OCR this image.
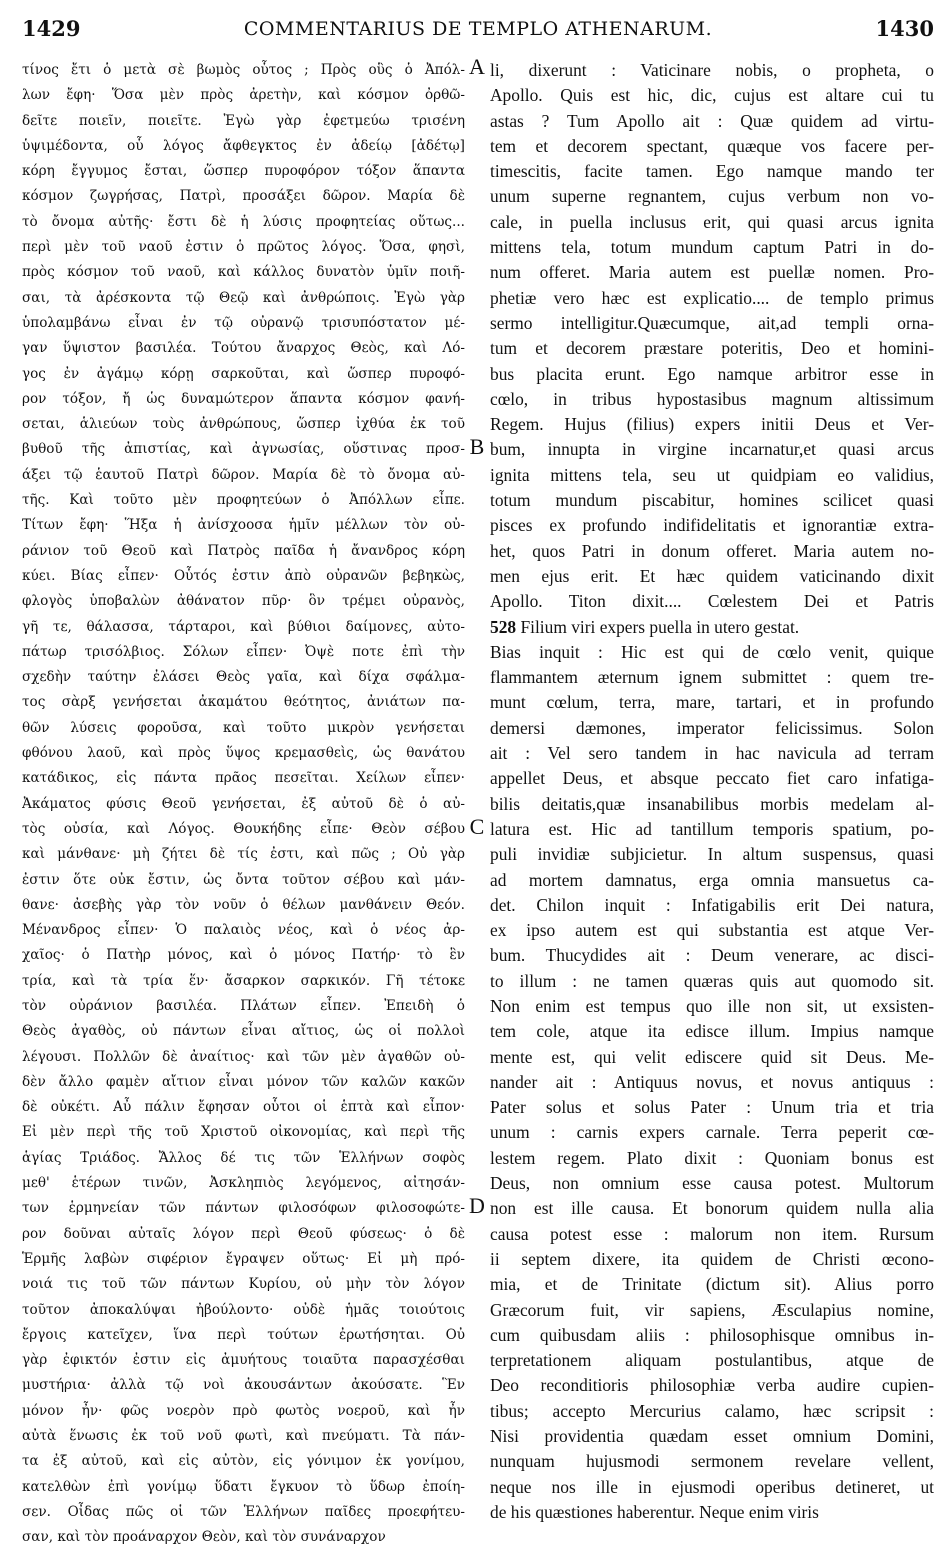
1429	COMMENTARIUS DE TEMPLO ATHENARUM.	1430
τίνος ἔτι ὁ μετὰ σὲ βωμὸς οὗτος ; Πρὸς οὓς ὁ Ἀπόλ-
λων ἔφη· Ὅσα μὲν πρὸς ἀρετὴν, καὶ κόσμον ὀρθῶ-
δεῖτε ποιεῖν, ποιεῖτε. Ἐγὼ γὰρ ἐφετμεύω τρισένη
ὑψιμέδοντα, οὗ λόγος ἄφθεγκτος ἐν ἀδείῳ [ἀδέτῳ]
κόρη ἔγγυμος ἔσται, ὥσπερ πυροφόρον τόξον ἅπαντα
κόσμον ζωγρήσας, Πατρὶ, προσάξει δῶρον. Μαρία δὲ
τὸ ὄνομα αὐτῆς· ἔστι δὲ ἡ λύσις προφητείας οὕτως...
περὶ μὲν τοῦ ναοῦ ἐστιν ὁ πρῶτος λόγος. Ὅσα, φησὶ,
πρὸς κόσμον τοῦ ναοῦ, καὶ κάλλος δυνατὸν ὑμῖν ποιῆ-
σαι, τὰ ἀρέσκοντα τῷ Θεῷ καὶ ἀνθρώποις. Ἐγὼ γὰρ
ὑπολαμβάνω εἶναι ἐν τῷ οὐρανῷ τρισυπόστατον μέ-
γαν ὕψιστον βασιλέα. Τούτου ἄναρχος Θεὸς, καὶ Λό-
γος ἐν ἀγάμῳ κόρῃ σαρκοῦται, καὶ ὥσπερ πυροφό-
ρον τόξον, ἤ ὡς δυναμώτερον ἅπαντα κόσμον φανή-
σεται, ἁλιεύων τοὺς ἀνθρώπους, ὥσπερ ἰχθύα ἐκ τοῦ
βυθοῦ τῆς ἀπιστίας, καὶ ἀγνωσίας, οὕστινας προσ-
άξει τῷ ἑαυτοῦ Πατρὶ δῶρον. Μαρία δὲ τὸ ὄνομα αὐ-
τῆς. Καὶ τοῦτο μὲν προφητεύων ὁ Ἀπόλλων εἶπε.
Τίτων ἔφη· Ἥξα ἡ ἀνίσχοοσα ἡμῖν μέλλων τὸν οὐ-
ράνιον τοῦ Θεοῦ καὶ Πατρὸς παῖδα ἡ ἄνανδρος κόρη
κύει. Βίας εἶπεν· Οὗτός ἐστιν ἀπὸ οὐρανῶν βεβηκὼς,
φλογὸς ὑποβαλὼν ἀθάνατον πῦρ· ὃν τρέμει οὐρανὸς,
γῆ τε, θάλασσα, τάρταροι, καὶ βύθιοι δαίμονες, αὐτο-
πάτωρ τρισόλβιος. Σόλων εἶπεν· Ὀψὲ ποτε ἐπὶ τὴν
σχεδὴν ταύτην ἐλάσει Θεὸς γαῖα, καὶ δίχα σφάλμα-
τος σὰρξ γενήσεται ἀκαμάτου θεότητος, ἀνιάτων πα-
θῶν λύσεις φοροῦσα, καὶ τοῦτο μικρὸν γενήσεται
φθόνου λαοῦ, καὶ πρὸς ὕψος κρεμασθεὶς, ὡς θανάτου
κατάδικος, εἰς πάντα πρᾶος πεσεῖται. Χείλων εἶπεν·
Ἀκάματος φύσις Θεοῦ γενήσεται, ἐξ αὐτοῦ δὲ ὁ αὐ-
τὸς οὐσία, καὶ Λόγος. Θουκήδης εἶπε· Θεὸν σέβου
καὶ μάνθανε· μὴ ζήτει δὲ τίς ἐστι, καὶ πῶς ; Οὐ γὰρ
ἐστιν ὅτε οὐκ ἔστιν, ὡς ὄντα τοῦτον σέβου καὶ μάν-
θανε· ἀσεβὴς γὰρ τὸν νοῦν ὁ θέλων μανθάνειν Θεόν.
Μένανδρος εἶπεν· Ὁ παλαιὸς νέος, καὶ ὁ νέος ἀρ-
χαῖος· ὁ Πατὴρ μόνος, καὶ ὁ μόνος Πατήρ· τὸ ἓν
τρία, καὶ τὰ τρία ἕν· ἄσαρκον σαρκικόν. Γῆ τέτοκε
τὸν οὐράνιον βασιλέα. Πλάτων εἶπεν. Ἐπειδὴ ὁ
Θεὸς ἀγαθὸς, οὐ πάντων εἶναι αἴτιος, ὡς οἱ πολλοὶ
λέγουσι. Πολλῶν δὲ ἀναίτιος· καὶ τῶν μὲν ἀγαθῶν οὐ-
δὲν ἄλλο φαμὲν αἴτιον εἶναι μόνον τῶν καλῶν κακῶν
δὲ οὐκέτι. Αὖ πάλιν ἔφησαν οὗτοι οἱ ἑπτὰ καὶ εἶπον·
Εἰ μὲν περὶ τῆς τοῦ Χριστοῦ οἰκονομίας, καὶ περὶ τῆς
ἁγίας Τριάδος. Ἄλλος δέ τις τῶν Ἑλλήνων σοφὸς
μεθ' ἑτέρων τινῶν, Ἀσκληπιὸς λεγόμενος, αἰτησάν-
των ἑρμηνείαν τῶν πάντων φιλοσόφων φιλοσοφώτε-
ρον δοῦναι αὐταῖς λόγον περὶ Θεοῦ φύσεως· ὁ δὲ
Ἑρμῆς λαβὼν σιφέριον ἔγραψεν οὕτως· Εἰ μὴ πρό-
νοιά τις τοῦ τῶν πάντων Κυρίου, οὐ μὴν τὸν λόγον
τοῦτον ἀποκαλύψαι ἠβούλοντο· οὐδὲ ἡμᾶς τοιούτοις
ἔργοις κατεῖχεν, ἵνα περὶ τούτων ἐρωτήσηται. Οὐ
γὰρ ἐφικτόν ἐστιν εἰς ἀμυήτους τοιαῦτα παρασχέσθαι
μυστήρια· ἀλλὰ τῷ νοὶ ἀκουσάντων ἀκούσατε. Ἓν
μόνον ἦν· φῶς νοερὸν πρὸ φωτὸς νοεροῦ, καὶ ἦν
αὐτὰ ἕνωσις ἐκ τοῦ νοῦ φωτὶ, καὶ πνεύματι. Τὰ πάν-
τα ἐξ αὐτοῦ, καὶ εἰς αὐτὸν, εἰς γόνιμον ἐκ γονίμου,
κατελθὼν ἐπὶ γονίμῳ ὕδατι ἔγκυον τὸ ὕδωρ ἐποίη-
σεν. Οἶδας πῶς οἱ τῶν Ἑλλήνων παῖδες προεφήτευ-
σαν, καὶ τὸν προάναρχον Θεὸν, καὶ τὸν συνάναρχον
A
B
C
D
li, dixerunt : Vaticinare nobis, o propheta, o
Apollo. Quis est hic, dic, cujus est altare cui tu
astas ? Tum Apollo ait : Quæ quidem ad virtu-
tem et decorem spectant, quæque vos facere per-
timescitis, facite tamen. Ego namque mando ter
unum superne regnantem, cujus verbum non vo-
cale, in puella inclusus erit, qui quasi arcus ignita
mittens tela, totum mundum captum Patri in do-
num offeret. Maria autem est puellæ nomen. Pro-
phetiæ vero hæc est explicatio.... de templo primus
sermo intelligitur.Quæcumque, ait,ad templi orna-
tum et decorem præstare poteritis, Deo et homini-
bus placita erunt. Ego namque arbitror esse in
cœlo, in tribus hypostasibus magnum altissimum
Regem. Hujus (filius) expers initii Deus et Ver-
bum, innupta in virgine incarnatur,et quasi arcus
ignita mittens tela, seu ut quidpiam eo validius,
totum mundum piscabitur, homines scilicet quasi
pisces ex profundo indifidelitatis et ignorantiæ extra-
het, quos Patri in donum offeret. Maria autem no-
men ejus erit. Et hæc quidem vaticinando dixit
Apollo. Titon dixit.... Cœlestem Dei et Patris
528 Filium viri expers puella in utero gestat.
Bias inquit : Hic est qui de cœlo venit, quique
flammantem æternum ignem submittet : quem tre-
munt cœlum, terra, mare, tartari, et in profundo
demersi dæmones, imperator felicissimus. Solon
ait : Vel sero tandem in hac navicula ad terram
appellet Deus, et absque peccato fiet caro infatiga-
bilis deitatis,quæ insanabilibus morbis medelam al-
latura est. Hic ad tantillum temporis spatium, po-
puli invidiæ subjicietur. In altum suspensus, quasi
ad mortem damnatus, erga omnia mansuetus ca-
det. Chilon inquit : Infatigabilis erit Dei natura,
ex ipso autem est qui substantia est atque Ver-
bum. Thucydides ait : Deum venerare, ac disci-
to illum : ne tamen quæras quis aut quomodo sit.
Non enim est tempus quo ille non sit, ut exsisten-
tem cole, atque ita edisce illum. Impius namque
mente est, qui velit ediscere quid sit Deus. Me-
nander ait : Antiquus novus, et novus antiquus :
Pater solus et solus Pater : Unum tria et tria
unum : carnis expers carnale. Terra peperit cœ-
lestem regem. Plato dixit : Quoniam bonus est
Deus, non omnium esse causa potest. Multorum
non est ille causa. Et bonorum quidem nulla alia
causa potest esse : malorum non item. Rursum
ii septem dixere, ita quidem de Christi œcono-
mia, et de Trinitate (dictum sit). Alius porro
Græcorum fuit, vir sapiens, Æsculapius nomine,
cum quibusdam aliis : philosophisque omnibus in-
terpretationem aliquam postulantibus, atque de
Deo reconditioris philosophiæ verba audire cupien-
tibus; accepto Mercurius calamo, hæc scripsit :
Nisi providentia quædam esset omnium Domini,
nunquam hujusmodi sermonem revelare vellent,
neque nos ille in ejusmodi operibus detineret, ut
de his quæstiones haberentur. Neque enim viris
